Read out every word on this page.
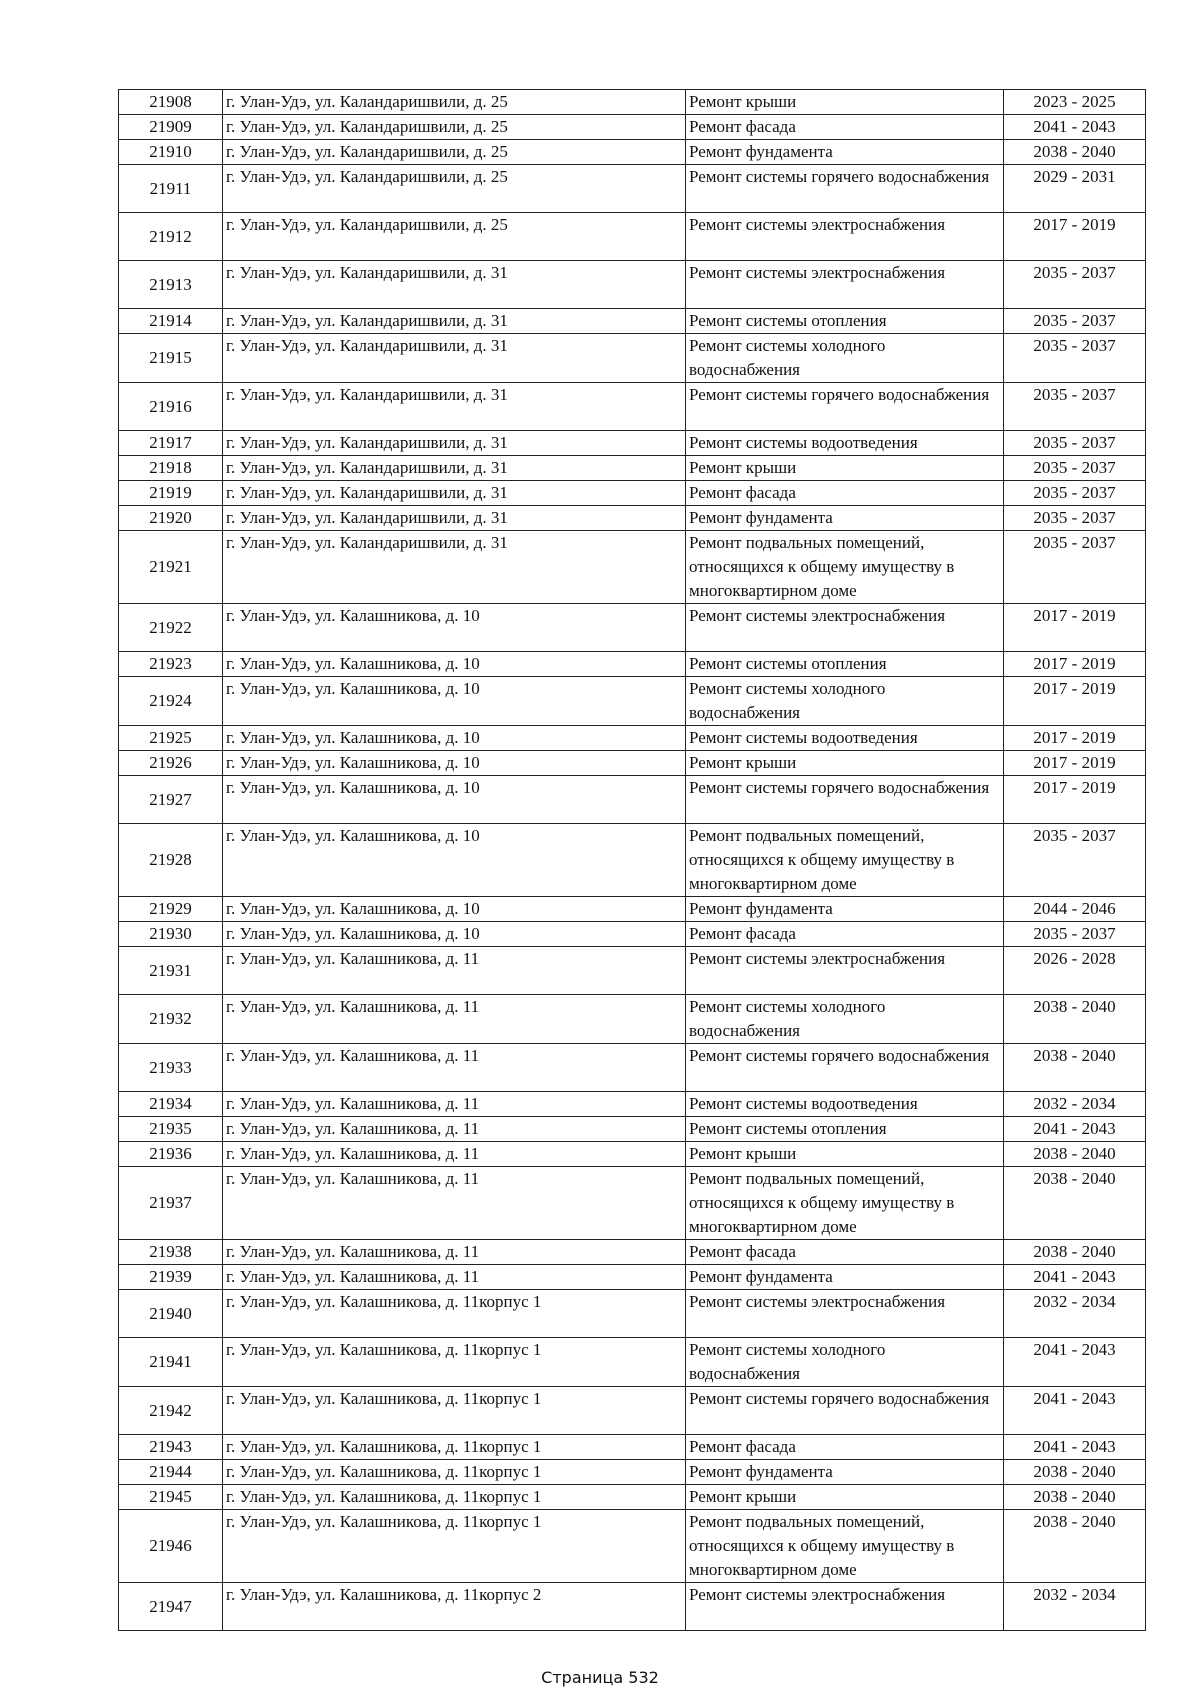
21908	г. Улан-Удэ, ул. Каландаришвили, д. 25	Ремонт крыши	2023 - 2025
21909	г. Улан-Удэ, ул. Каландаришвили, д. 25	Ремонт фасада	2041 - 2043
21910	г. Улан-Удэ, ул. Каландаришвили, д. 25	Ремонт фундамента	2038 - 2040
21911	г. Улан-Удэ, ул. Каландаришвили, д. 25	Ремонт системы горячего водоснабжения	2029 - 2031
21912	г. Улан-Удэ, ул. Каландаришвили, д. 25	Ремонт системы электроснабжения	2017 - 2019
21913	г. Улан-Удэ, ул. Каландаришвили, д. 31	Ремонт системы электроснабжения	2035 - 2037
21914	г. Улан-Удэ, ул. Каландаришвили, д. 31	Ремонт системы отопления	2035 - 2037
21915	г. Улан-Удэ, ул. Каландаришвили, д. 31	Ремонт системы холодного водоснабжения	2035 - 2037
21916	г. Улан-Удэ, ул. Каландаришвили, д. 31	Ремонт системы горячего водоснабжения	2035 - 2037
21917	г. Улан-Удэ, ул. Каландаришвили, д. 31	Ремонт системы водоотведения	2035 - 2037
21918	г. Улан-Удэ, ул. Каландаришвили, д. 31	Ремонт крыши	2035 - 2037
21919	г. Улан-Удэ, ул. Каландаришвили, д. 31	Ремонт фасада	2035 - 2037
21920	г. Улан-Удэ, ул. Каландаришвили, д. 31	Ремонт фундамента	2035 - 2037
21921	г. Улан-Удэ, ул. Каландаришвили, д. 31	Ремонт подвальных помещений, относящихся к общему имуществу в многоквартирном доме	2035 - 2037
21922	г. Улан-Удэ, ул. Калашникова, д. 10	Ремонт системы электроснабжения	2017 - 2019
21923	г. Улан-Удэ, ул. Калашникова, д. 10	Ремонт системы отопления	2017 - 2019
21924	г. Улан-Удэ, ул. Калашникова, д. 10	Ремонт системы холодного водоснабжения	2017 - 2019
21925	г. Улан-Удэ, ул. Калашникова, д. 10	Ремонт системы водоотведения	2017 - 2019
21926	г. Улан-Удэ, ул. Калашникова, д. 10	Ремонт крыши	2017 - 2019
21927	г. Улан-Удэ, ул. Калашникова, д. 10	Ремонт системы горячего водоснабжения	2017 - 2019
21928	г. Улан-Удэ, ул. Калашникова, д. 10	Ремонт подвальных помещений, относящихся к общему имуществу в многоквартирном доме	2035 - 2037
21929	г. Улан-Удэ, ул. Калашникова, д. 10	Ремонт фундамента	2044 - 2046
21930	г. Улан-Удэ, ул. Калашникова, д. 10	Ремонт фасада	2035 - 2037
21931	г. Улан-Удэ, ул. Калашникова, д. 11	Ремонт системы электроснабжения	2026 - 2028
21932	г. Улан-Удэ, ул. Калашникова, д. 11	Ремонт системы холодного водоснабжения	2038 - 2040
21933	г. Улан-Удэ, ул. Калашникова, д. 11	Ремонт системы горячего водоснабжения	2038 - 2040
21934	г. Улан-Удэ, ул. Калашникова, д. 11	Ремонт системы водоотведения	2032 - 2034
21935	г. Улан-Удэ, ул. Калашникова, д. 11	Ремонт системы отопления	2041 - 2043
21936	г. Улан-Удэ, ул. Калашникова, д. 11	Ремонт крыши	2038 - 2040
21937	г. Улан-Удэ, ул. Калашникова, д. 11	Ремонт подвальных помещений, относящихся к общему имуществу в многоквартирном доме	2038 - 2040
21938	г. Улан-Удэ, ул. Калашникова, д. 11	Ремонт фасада	2038 - 2040
21939	г. Улан-Удэ, ул. Калашникова, д. 11	Ремонт фундамента	2041 - 2043
21940	г. Улан-Удэ, ул. Калашникова, д. 11корпус 1	Ремонт системы электроснабжения	2032 - 2034
21941	г. Улан-Удэ, ул. Калашникова, д. 11корпус 1	Ремонт системы холодного водоснабжения	2041 - 2043
21942	г. Улан-Удэ, ул. Калашникова, д. 11корпус 1	Ремонт системы горячего водоснабжения	2041 - 2043
21943	г. Улан-Удэ, ул. Калашникова, д. 11корпус 1	Ремонт фасада	2041 - 2043
21944	г. Улан-Удэ, ул. Калашникова, д. 11корпус 1	Ремонт фундамента	2038 - 2040
21945	г. Улан-Удэ, ул. Калашникова, д. 11корпус 1	Ремонт крыши	2038 - 2040
21946	г. Улан-Удэ, ул. Калашникова, д. 11корпус 1	Ремонт подвальных помещений, относящихся к общему имуществу в многоквартирном доме	2038 - 2040
21947	г. Улан-Удэ, ул. Калашникова, д. 11корпус 2	Ремонт системы электроснабжения	2032 - 2034
Страница 532
